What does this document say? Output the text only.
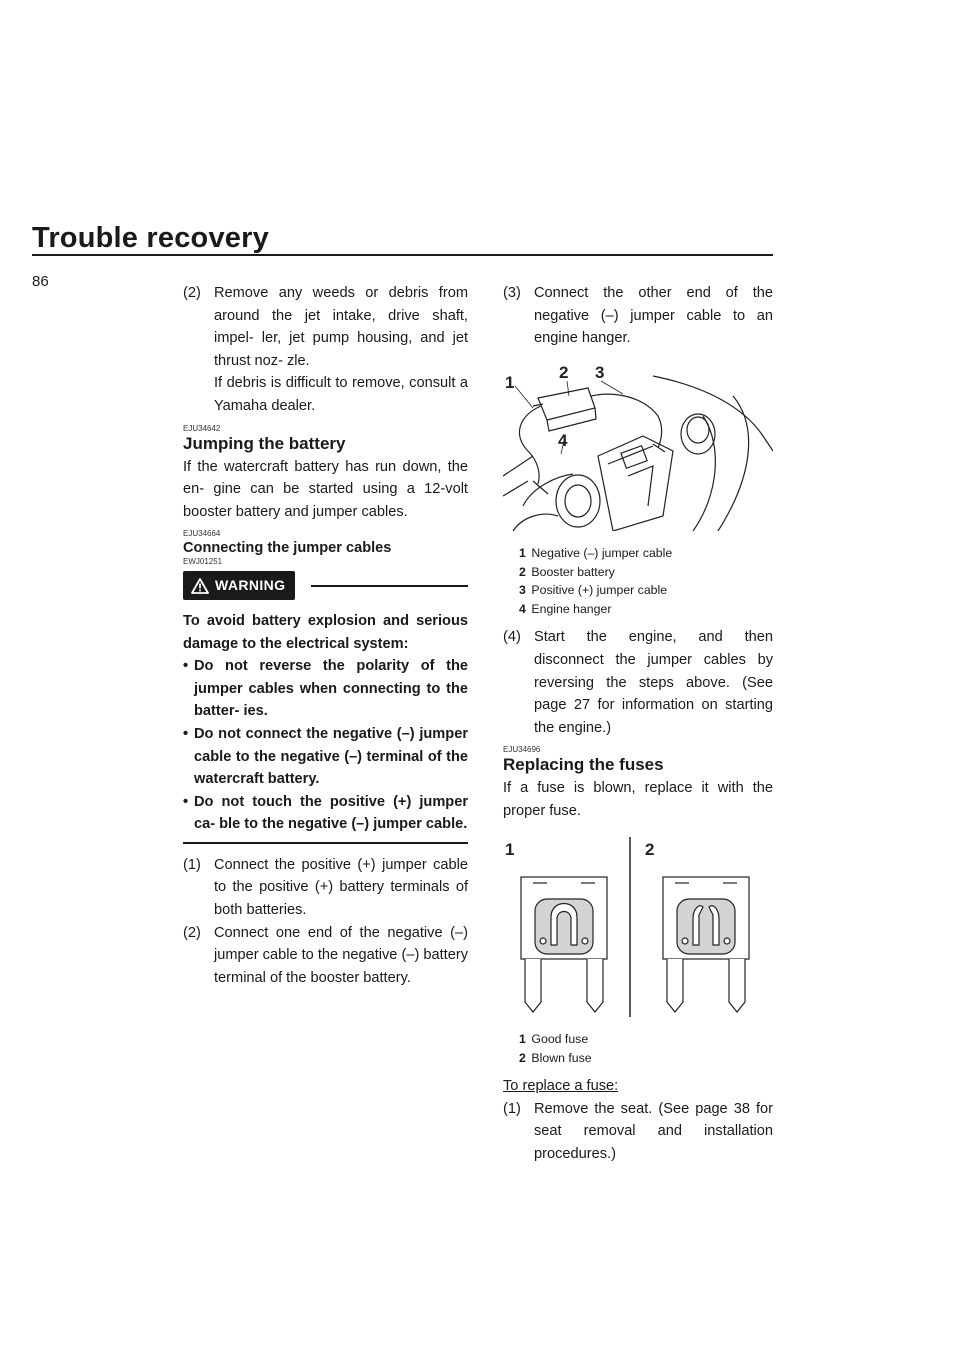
Trouble recovery
86
(2) Remove any weeds or debris from around the jet intake, drive shaft, impel- ler, jet pump housing, and jet thrust noz- zle.
If debris is difficult to remove, consult a Yamaha dealer.
EJU34642
Jumping the battery

If the watercraft battery has run down, the en- gine can be started using a 12-volt booster battery and jumper cables.

EJU34664
Connecting the jumper cables
EWJ01251
WARNING
To avoid battery explosion and serious damage to the electrical system:
• Do not reverse the polarity of the jumper cables when connecting to the batter- ies.
• Do not connect the negative (–) jumper cable to the negative (–) terminal of the watercraft battery.
• Do not touch the positive (+) jumper ca- ble to the negative (–) jumper cable.
(1) Connect the positive (+) jumper cable to the positive (+) battery terminals of both batteries.
(2) Connect one end of the negative (–) jumper cable to the negative (–) battery terminal of the booster battery.
(3) Connect the other end of the negative (–) jumper cable to an engine hanger.
1
2 3
4
1
Negative (–) jumper cable
2
Booster battery
3
Positive (+) jumper cable
4
Engine hanger
(4) Start the engine, and then disconnect the jumper cables by reversing the steps above. (See page 27 for information on starting the engine.)
EJU34696
Replacing the fuses

If a fuse is blown, replace it with the proper fuse.

1	2
1
Good fuse
2
Blown fuse
To replace a fuse:
(1) Remove the seat. (See page 38 for seat removal and installation procedures.)
